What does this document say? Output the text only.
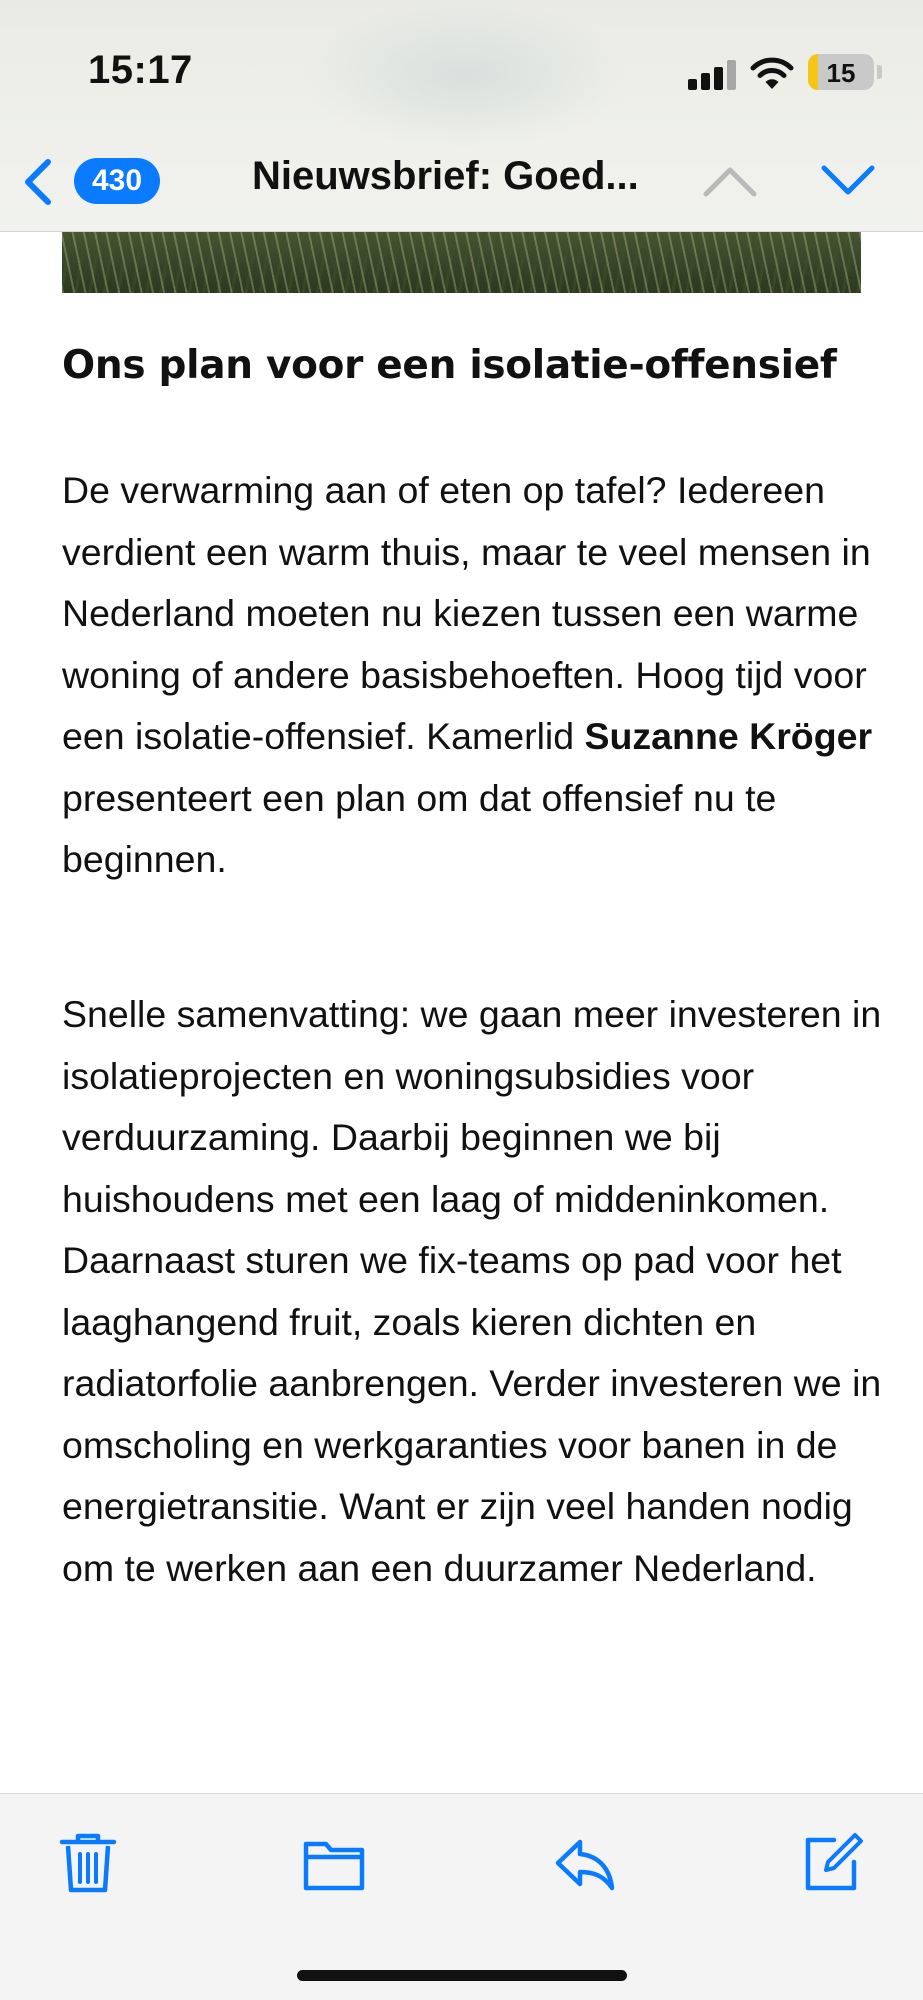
Ons plan voor een isolatie-offensief

De verwarming aan of eten op tafel? Iedereen verdient een warm thuis, maar te veel mensen in Nederland moeten nu kiezen tussen een warme woning of andere basisbehoeften. Hoog tijd voor een isolatie-offensief. Kamerlid Suzanne Kröger presenteert een plan om dat offensief nu te beginnen.

Snelle samenvatting: we gaan meer investeren in isolatieprojecten en woningsubsidies voor verduurzaming. Daarbij beginnen we bij huishoudens met een laag of middeninkomen. Daarnaast sturen we fix-teams op pad voor het laaghangend fruit, zoals kieren dichten en radiatorfolie aanbrengen. Verder investeren we in omscholing en werkgaranties voor banen in de energietransitie. Want er zijn veel handen nodig om te werken aan een duurzamer Nederland.

15:17	15
430	Nieuwsbrief: Goed...
